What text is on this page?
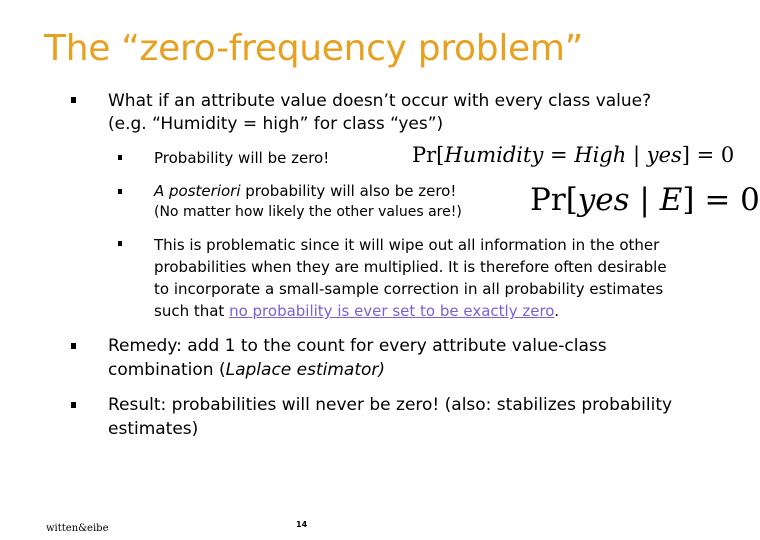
The “zero-frequency problem”
What if an attribute value doesn’t occur with every class value?
(e.g. “Humidity = high” for class “yes”)
Probability will be zero!	Pr[Humidity = High | yes] = 0
A posteriori probability will also be zero!
(No matter how likely the other values are!) Pr[yes | E] = 0
This is problematic since it will wipe out all information in the other
probabilities when they are multiplied. It is therefore often desirable
to incorporate a small-sample correction in all probability estimates
such that no probability is ever set to be exactly zero.
Remedy: add 1 to the count for every attribute value-class
combination (Laplace estimator)
Result: probabilities will never be zero! (also: stabilizes probability
estimates)
witten&eibe	14
